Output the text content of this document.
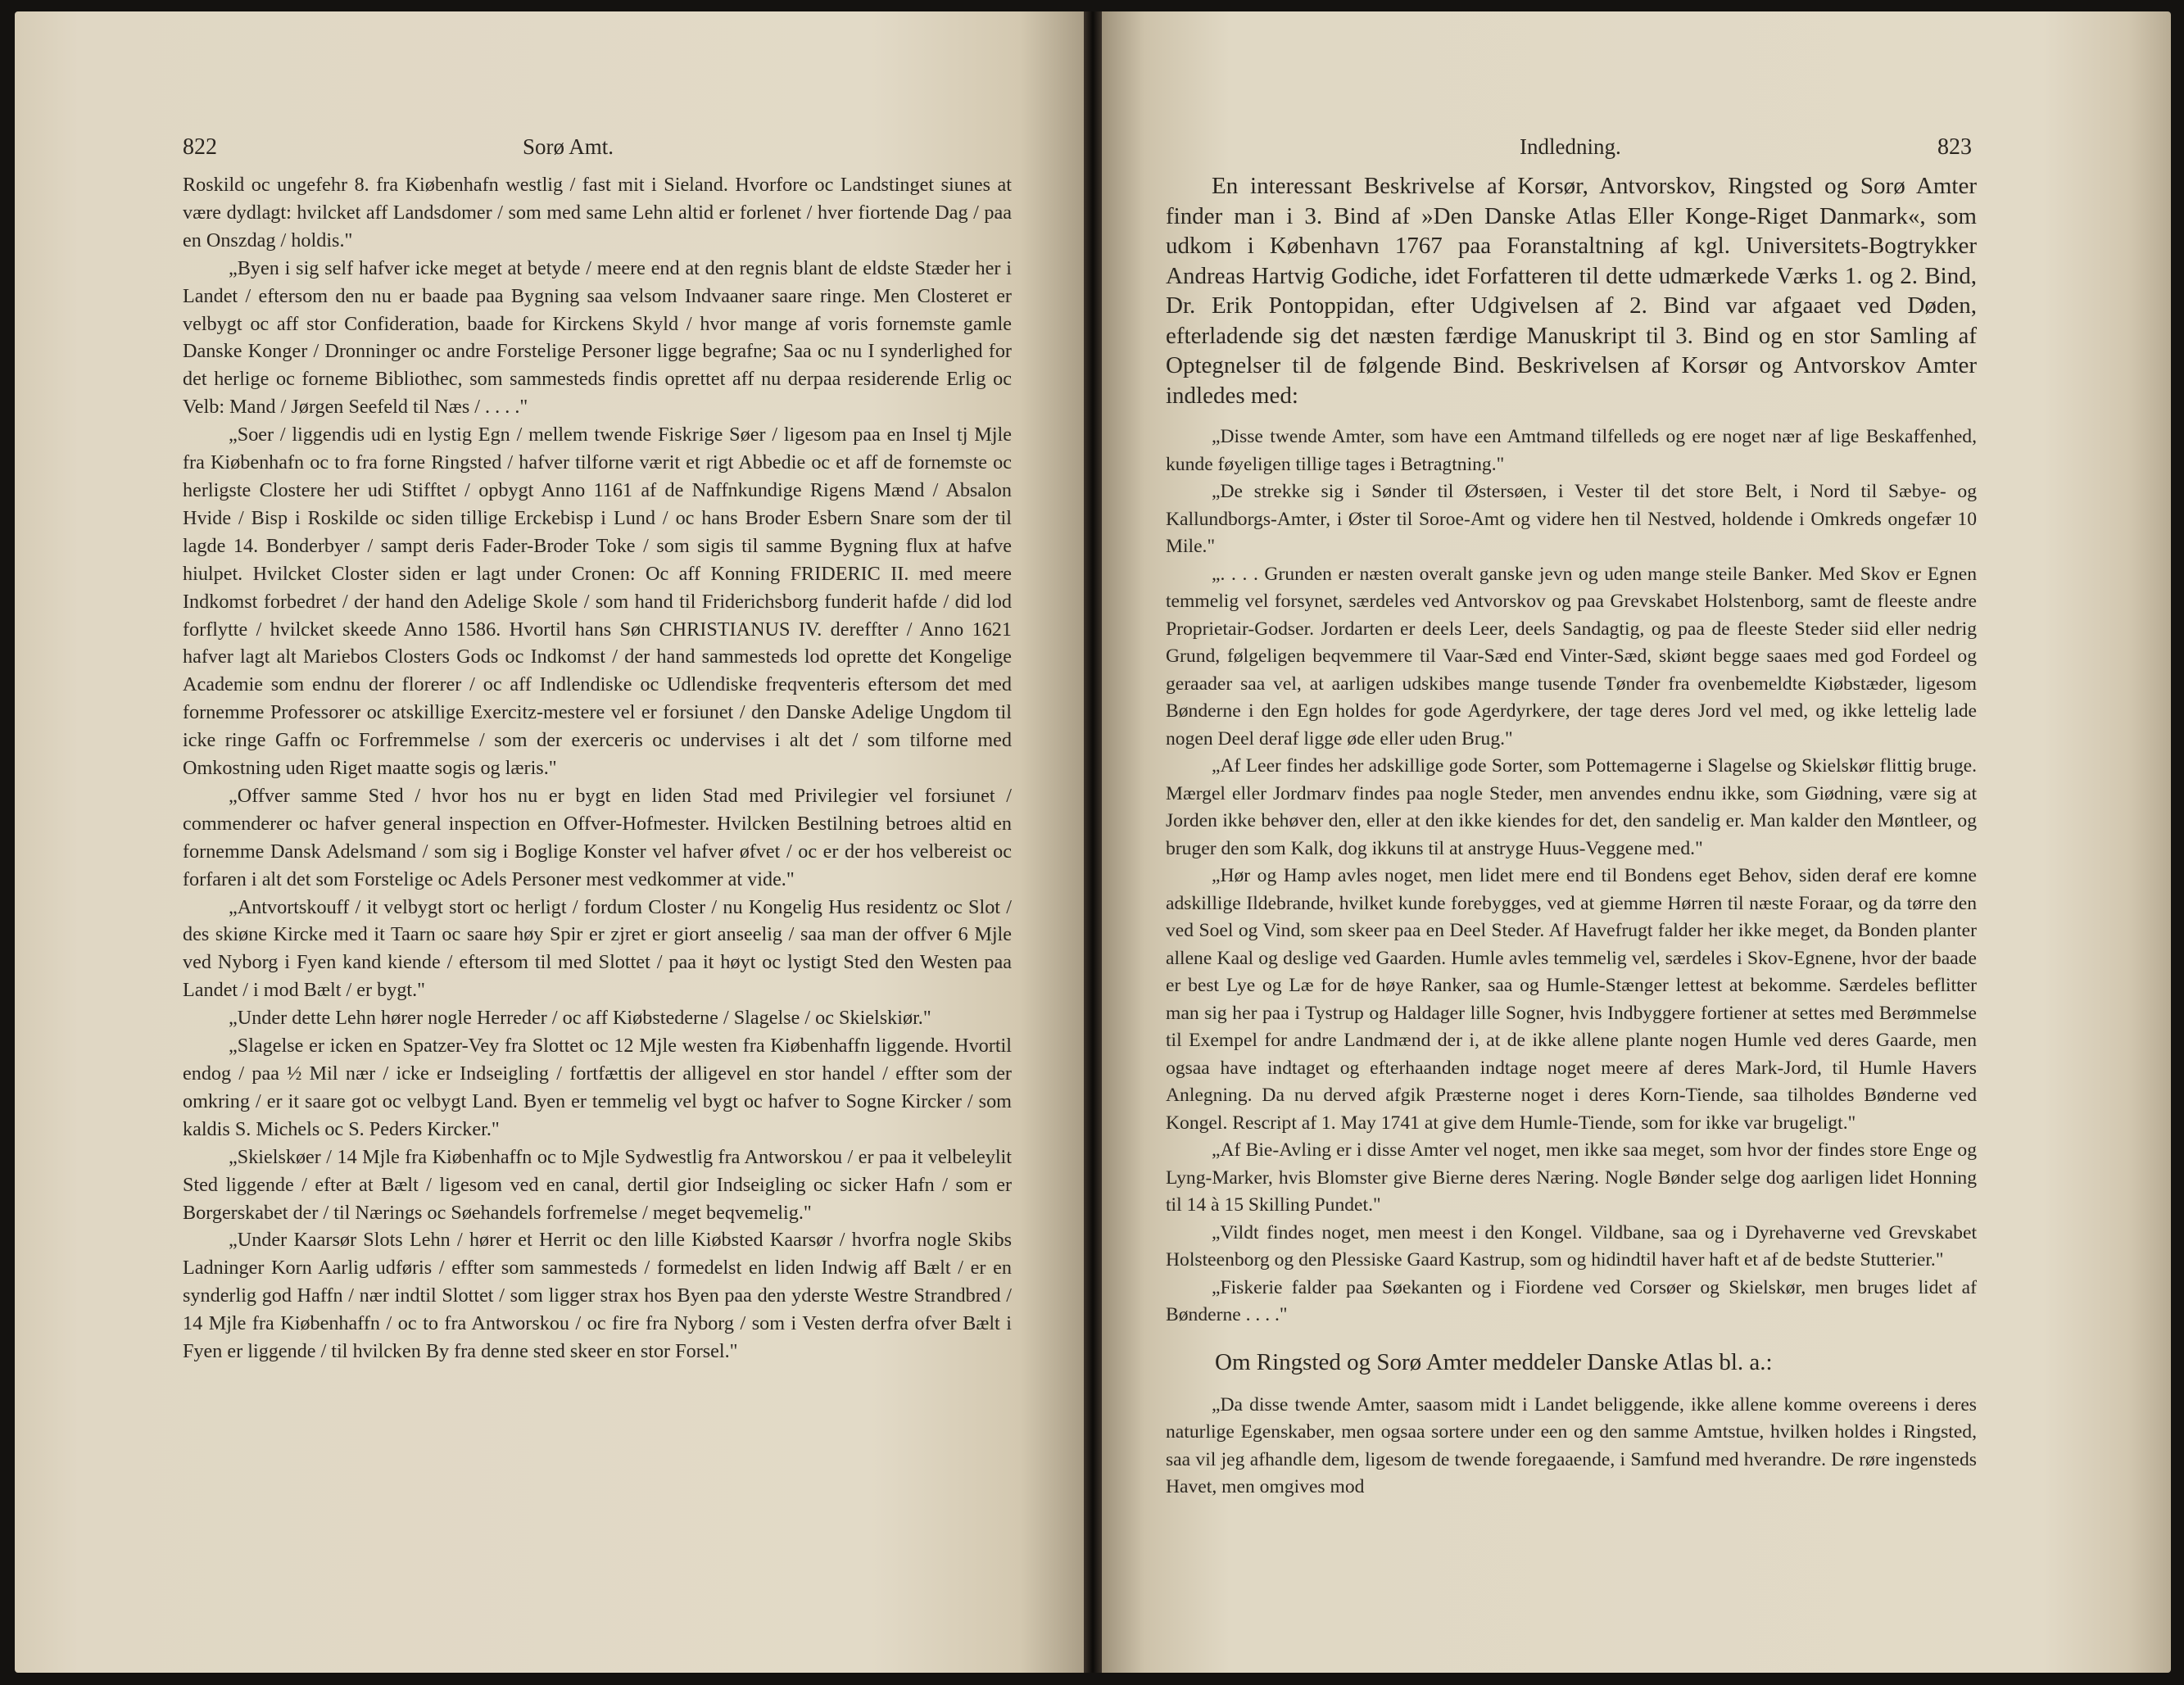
822	Sorø Amt.

Roskild oc ungefehr 8. fra Kiøbenhafn westlig / fast mit i Sieland. Hvorfore oc Landstinget siunes at være dydlagt: hvilcket aff Landsdomer / som med same Lehn altid er forlenet / hver fiortende Dag / paa en Onszdag / holdis."

„Byen i sig self hafver icke meget at betyde / meere end at den regnis blant de eldste Stæder her i Landet / eftersom den nu er baade paa Bygning saa velsom Indvaaner saare ringe. Men Closteret er velbygt oc aff stor Confideration, baade for Kirckens Skyld / hvor mange af voris fornemste gamle Danske Konger / Dronninger oc andre Forstelige Personer ligge begrafne; Saa oc nu I synderlighed for det herlige oc forneme Bibliothec, som sammesteds findis oprettet aff nu derpaa residerende Erlig oc Velb: Mand / Jørgen Seefeld til Næs / . . . ."

„Soer / liggendis udi en lystig Egn / mellem twende Fiskrige Søer / ligesom paa en Insel tj Mjle fra Kiøbenhafn oc to fra forne Ringsted / hafver tilforne værit et rigt Abbedie oc et aff de fornemste oc herligste Clostere her udi Stifftet / opbygt Anno 1161 af de Naffnkundige Rigens Mænd / Absalon Hvide / Bisp i Roskilde oc siden tillige Erckebisp i Lund / oc hans Broder Esbern Snare som der til lagde 14. Bonderbyer / sampt deris Fader-Broder Toke / som sigis til samme Bygning flux at hafve hiulpet. Hvilcket Closter siden er lagt under Cronen: Oc aff Konning FRIDERIC II. med meere Indkomst forbedret / der hand den Adelige Skole / som hand til Friderichsborg funderit hafde / did lod forflytte / hvilcket skeede Anno 1586. Hvortil hans Søn CHRISTIANUS IV. dereffter / Anno 1621 hafver lagt alt Mariebos Closters Gods oc Indkomst / der hand sammesteds lod oprette det Kongelige Academie som endnu der florerer / oc aff Indlendiske oc Udlendiske freqventeris eftersom det med fornemme Professorer oc atskillige Exercitz-mestere vel er forsiunet / den Danske Adelige Ungdom til icke ringe Gaffn oc Forfremmelse / som der exerceris oc undervises i alt det / som tilforne med Omkostning uden Riget maatte sogis og læris."

„Offver samme Sted / hvor hos nu er bygt en liden Stad med Privilegier vel forsiunet / commenderer oc hafver general inspection en Offver-Hofmester. Hvilcken Bestilning betroes altid en fornemme Dansk Adelsmand / som sig i Boglige Konster vel hafver øfvet / oc er der hos velbereist oc forfaren i alt det som Forstelige oc Adels Personer mest vedkommer at vide."

„Antvortskouff / it velbygt stort oc herligt / fordum Closter / nu Kongelig Hus residentz oc Slot / des skiøne Kircke med it Taarn oc saare høy Spir er zjret er giort anseelig / saa man der offver 6 Mjle ved Nyborg i Fyen kand kiende / eftersom til med Slottet / paa it høyt oc lystigt Sted den Westen paa Landet / i mod Bælt / er bygt."

„Under dette Lehn hører nogle Herreder / oc aff Kiøbstederne / Slagelse / oc Skielskiør."

„Slagelse er icken en Spatzer-Vey fra Slottet oc 12 Mjle westen fra Kiøbenhaffn liggende. Hvortil endog / paa ½ Mil nær / icke er Indseigling / fortfættis der alligevel en stor handel / effter som der omkring / er it saare got oc velbygt Land. Byen er temmelig vel bygt oc hafver to Sogne Kircker / som kaldis S. Michels oc S. Peders Kircker."

„Skielskøer / 14 Mjle fra Kiøbenhaffn oc to Mjle Sydwestlig fra Antworskou / er paa it velbeleylit Sted liggende / efter at Bælt / ligesom ved en canal, dertil gior Indseigling oc sicker Hafn / som er Borgerskabet der / til Nærings oc Søehandels forfremelse / meget beqvemelig."

„Under Kaarsør Slots Lehn / hører et Herrit oc den lille Kiøbsted Kaarsør / hvorfra nogle Skibs Ladninger Korn Aarlig udføris / effter som sammesteds / formedelst en liden Indwig aff Bælt / er en synderlig god Haffn / nær indtil Slottet / som ligger strax hos Byen paa den yderste Westre Strandbred / 14 Mjle fra Kiøbenhaffn / oc to fra Antworskou / oc fire fra Nyborg / som i Vesten derfra ofver Bælt i Fyen er liggende / til hvilcken By fra denne sted skeer en stor Forsel."

Indledning.	823

En interessant Beskrivelse af Korsør, Antvorskov, Ringsted og Sorø Amter finder man i 3. Bind af »Den Danske Atlas Eller Konge-Riget Danmark«, som udkom i København 1767 paa Foranstaltning af kgl. Universitets-Bogtrykker Andreas Hartvig Godiche, idet Forfatteren til dette udmærkede Værks 1. og 2. Bind, Dr. Erik Pontoppidan, efter Udgivelsen af 2. Bind var afgaaet ved Døden, efterladende sig det næsten færdige Manuskript til 3. Bind og en stor Samling af Optegnelser til de følgende Bind. Beskrivelsen af Korsør og Antvorskov Amter indledes med:

„Disse twende Amter, som have een Amtmand tilfelleds og ere noget nær af lige Beskaffenhed, kunde føyeligen tillige tages i Betragtning."

„De strekke sig i Sønder til Østersøen, i Vester til det store Belt, i Nord til Sæbye- og Kallundborgs-Amter, i Øster til Soroe-Amt og videre hen til Nestved, holdende i Omkreds ongefær 10 Mile."

„. . . . Grunden er næsten overalt ganske jevn og uden mange steile Banker. Med Skov er Egnen temmelig vel forsynet, særdeles ved Antvorskov og paa Grevskabet Holstenborg, samt de fleeste andre Proprietair-Godser. Jordarten er deels Leer, deels Sandagtig, og paa de fleeste Steder siid eller nedrig Grund, følgeligen beqvemmere til Vaar-Sæd end Vinter-Sæd, skiønt begge saaes med god Fordeel og geraader saa vel, at aarligen udskibes mange tusende Tønder fra ovenbemeldte Kiøbstæder, ligesom Bønderne i den Egn holdes for gode Agerdyrkere, der tage deres Jord vel med, og ikke lettelig lade nogen Deel deraf ligge øde eller uden Brug."

„Af Leer findes her adskillige gode Sorter, som Pottemagerne i Slagelse og Skielskør flittig bruge. Mærgel eller Jordmarv findes paa nogle Steder, men anvendes endnu ikke, som Giødning, være sig at Jorden ikke behøver den, eller at den ikke kiendes for det, den sandelig er. Man kalder den Møntleer, og bruger den som Kalk, dog ikkuns til at anstryge Huus-Veggene med."

„Hør og Hamp avles noget, men lidet mere end til Bondens eget Behov, siden deraf ere komne adskillige Ildebrande, hvilket kunde forebygges, ved at giemme Hørren til næste Foraar, og da tørre den ved Soel og Vind, som skeer paa en Deel Steder. Af Havefrugt falder her ikke meget, da Bonden planter allene Kaal og deslige ved Gaarden. Humle avles temmelig vel, særdeles i Skov-Egnene, hvor der baade er best Lye og Læ for de høye Ranker, saa og Humle-Stænger lettest at bekomme. Særdeles beflitter man sig her paa i Tystrup og Haldager lille Sogner, hvis Indbyggere fortiener at settes med Berømmelse til Exempel for andre Landmænd der i, at de ikke allene plante nogen Humle ved deres Gaarde, men ogsaa have indtaget og efterhaanden indtage noget meere af deres Mark-Jord, til Humle Havers Anlegning. Da nu derved afgik Præsterne noget i deres Korn-Tiende, saa tilholdes Bønderne ved Kongel. Rescript af 1. May 1741 at give dem Humle-Tiende, som for ikke var brugeligt."

„Af Bie-Avling er i disse Amter vel noget, men ikke saa meget, som hvor der findes store Enge og Lyng-Marker, hvis Blomster give Bierne deres Næring. Nogle Bønder selge dog aarligen lidet Honning til 14 à 15 Skilling Pundet."

„Vildt findes noget, men meest i den Kongel. Vildbane, saa og i Dyrehaverne ved Grevskabet Holsteenborg og den Plessiske Gaard Kastrup, som og hidindtil haver haft et af de bedste Stutterier."

„Fiskerie falder paa Søekanten og i Fiordene ved Corsøer og Skielskør, men bruges lidet af Bønderne . . . ."

Om Ringsted og Sorø Amter meddeler Danske Atlas bl. a.:

„Da disse twende Amter, saasom midt i Landet beliggende, ikke allene komme overeens i deres naturlige Egenskaber, men ogsaa sortere under een og den samme Amtstue, hvilken holdes i Ringsted, saa vil jeg afhandle dem, ligesom de twende foregaaende, i Samfund med hverandre. De røre ingensteds Havet, men omgives mod
